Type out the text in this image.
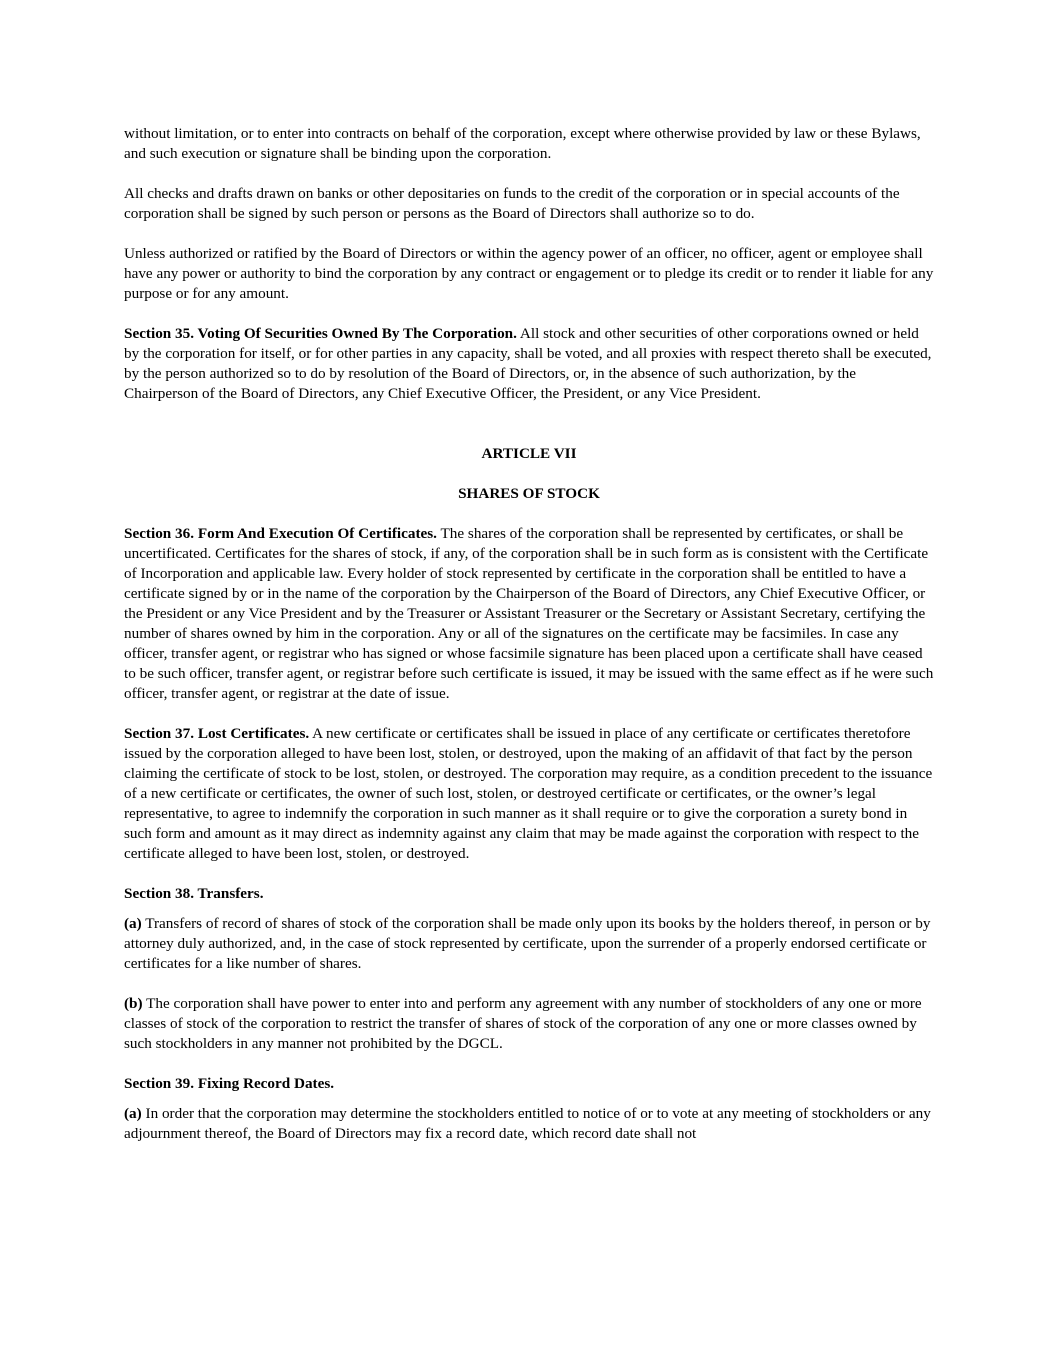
without limitation, or to enter into contracts on behalf of the corporation, except where otherwise provided by law or these Bylaws, and such execution or signature shall be binding upon the corporation.

All checks and drafts drawn on banks or other depositaries on funds to the credit of the corporation or in special accounts of the corporation shall be signed by such person or persons as the Board of Directors shall authorize so to do.

Unless authorized or ratified by the Board of Directors or within the agency power of an officer, no officer, agent or employee shall have any power or authority to bind the corporation by any contract or engagement or to pledge its credit or to render it liable for any purpose or for any amount.

Section 35. Voting Of Securities Owned By The Corporation. All stock and other securities of other corporations owned or held by the corporation for itself, or for other parties in any capacity, shall be voted, and all proxies with respect thereto shall be executed, by the person authorized so to do by resolution of the Board of Directors, or, in the absence of such authorization, by the Chairperson of the Board of Directors, any Chief Executive Officer, the President, or any Vice President.

ARTICLE VII
SHARES OF STOCK

Section 36. Form And Execution Of Certificates. The shares of the corporation shall be represented by certificates, or shall be uncertificated. Certificates for the shares of stock, if any, of the corporation shall be in such form as is consistent with the Certificate of Incorporation and applicable law. Every holder of stock represented by certificate in the corporation shall be entitled to have a certificate signed by or in the name of the corporation by the Chairperson of the Board of Directors, any Chief Executive Officer, or the President or any Vice President and by the Treasurer or Assistant Treasurer or the Secretary or Assistant Secretary, certifying the number of shares owned by him in the corporation. Any or all of the signatures on the certificate may be facsimiles. In case any officer, transfer agent, or registrar who has signed or whose facsimile signature has been placed upon a certificate shall have ceased to be such officer, transfer agent, or registrar before such certificate is issued, it may be issued with the same effect as if he were such officer, transfer agent, or registrar at the date of issue.

Section 37. Lost Certificates. A new certificate or certificates shall be issued in place of any certificate or certificates theretofore issued by the corporation alleged to have been lost, stolen, or destroyed, upon the making of an affidavit of that fact by the person claiming the certificate of stock to be lost, stolen, or destroyed. The corporation may require, as a condition precedent to the issuance of a new certificate or certificates, the owner of such lost, stolen, or destroyed certificate or certificates, or the owner’s legal representative, to agree to indemnify the corporation in such manner as it shall require or to give the corporation a surety bond in such form and amount as it may direct as indemnity against any claim that may be made against the corporation with respect to the certificate alleged to have been lost, stolen, or destroyed.

Section 38. Transfers.

(a) Transfers of record of shares of stock of the corporation shall be made only upon its books by the holders thereof, in person or by attorney duly authorized, and, in the case of stock represented by certificate, upon the surrender of a properly endorsed certificate or certificates for a like number of shares.

(b) The corporation shall have power to enter into and perform any agreement with any number of stockholders of any one or more classes of stock of the corporation to restrict the transfer of shares of stock of the corporation of any one or more classes owned by such stockholders in any manner not prohibited by the DGCL.

Section 39. Fixing Record Dates.

(a) In order that the corporation may determine the stockholders entitled to notice of or to vote at any meeting of stockholders or any adjournment thereof, the Board of Directors may fix a record date, which record date shall not
